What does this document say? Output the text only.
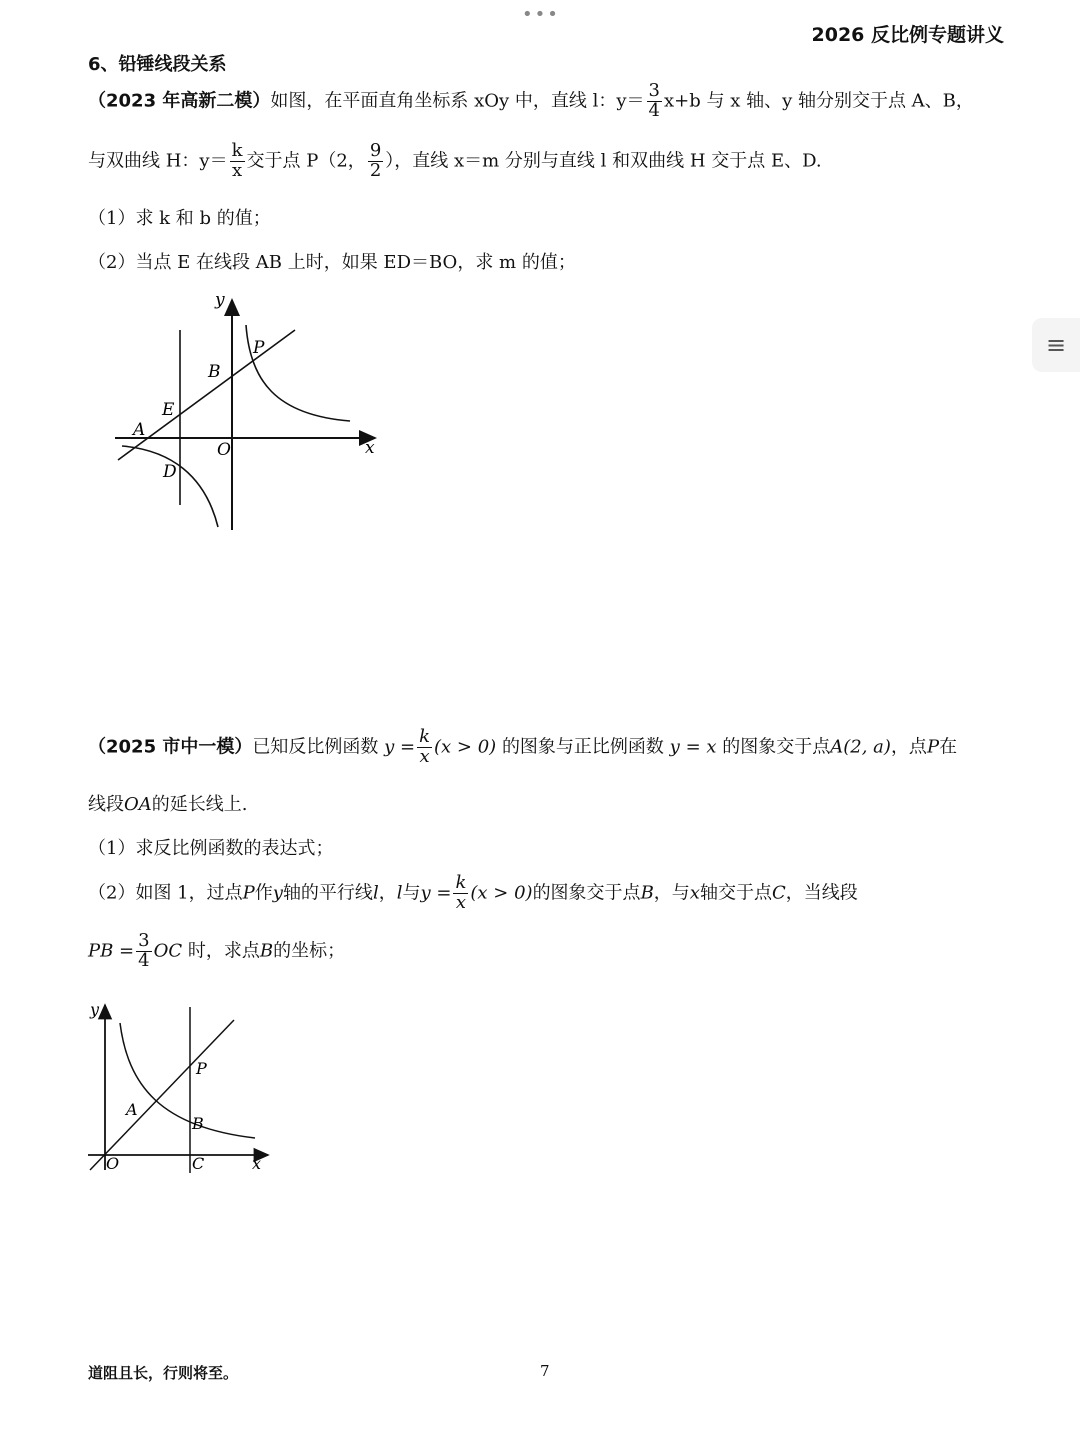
•••
2026 反比例专题讲义
≡
6、铅锤线段关系
（2023 年高新二模）如图，在平面直角坐标系 xOy 中，直线 l：$y= \frac{3}{4} x+b$ 与 x 轴、y 轴分别交于点 A、B，
与双曲线 H：$y= \frac{k}{x}$ 交于点 P（2， $\frac{9}{2}$ ），直线 x＝m 分别与直线 l 和双曲线 H 交于点 E、D.
（1）求 k 和 b 的值；
（2）当点 E 在线段 AB 上时，如果 ED＝BO，求 m 的值；
y
x
P
B
E
A
O
D
（2025 市中一模）已知反比例函数 $y = \frac{k}{x} (x > 0)$ 的图象与正比例函数 y = x 的图象交于点A(2, a)，点P在
线段OA的延长线上.
（1）求反比例函数的表达式；
（2）如图 1，过点P作y轴的平行线l，l与$y = \frac{k}{x} (x > 0)$的图象交于点B，与x轴交于点C，当线段
PB = $\frac{3}{4}$ OC 时，求点B的坐标；
y
x
P
A
B
O	C
道阻且长，行则将至。	7
